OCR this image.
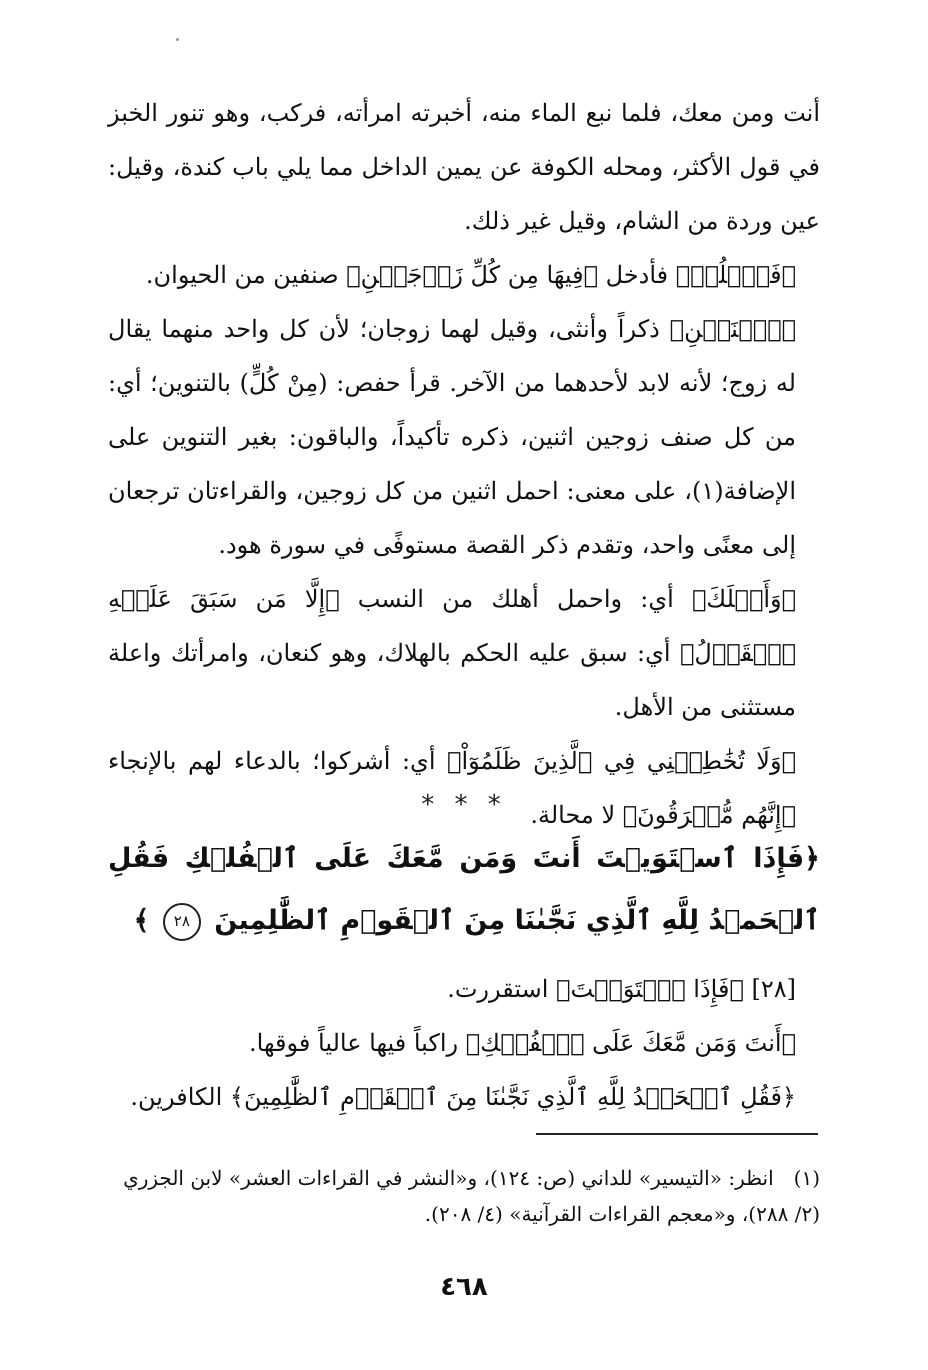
أنت ومن معك، فلما نبع الماء منه، أخبرته امرأته، فركب، وهو تنور الخبز في قول الأكثر، ومحله الكوفة عن يمين الداخل مما يلي باب كندة، وقيل: عين وردة من الشام، وقيل غير ذلك.

﴿فَٱسۡلُكۡ﴾ فأدخل ﴿فِيهَا مِن كُلِّ زَوۡجَيۡنِ﴾ صنفين من الحيوان.

﴿ٱثۡنَيۡنِ﴾ ذكراً وأنثى، وقيل لهما زوجان؛ لأن كل واحد منهما يقال له زوج؛ لأنه لابد لأحدهما من الآخر. قرأ حفص: (مِنْ كُلٍّ) بالتنوين؛ أي: من كل صنف زوجين اثنين، ذكره تأكيداً، والباقون: بغير التنوين على الإضافة(١)، على معنى: احمل اثنين من كل زوجين، والقراءتان ترجعان إلى معنًى واحد، وتقدم ذكر القصة مستوفًى في سورة هود.

﴿وَأَهۡلَكَ﴾ أي: واحمل أهلك من النسب ﴿إِلَّا مَن سَبَقَ عَلَيۡهِ ٱلۡقَوۡلُ﴾ أي: سبق عليه الحكم بالهلاك، وهو كنعان، وامرأتك واعلة مستثنى من الأهل.

﴿وَلَا تُخَٰطِبۡنِي فِي ٱلَّذِينَ ظَلَمُوٓاْ﴾ أي: أشركوا؛ بالدعاء لهم بالإنجاء ﴿إِنَّهُم مُّغۡرَقُونَ﴾ لا محالة.

* * *
﴿فَإِذَا ٱسۡتَوَيۡتَ أَنتَ وَمَن مَّعَكَ عَلَى ٱلۡفُلۡكِ فَقُلِ ٱلۡحَمۡدُ لِلَّهِ ٱلَّذِي نَجَّىٰنَا مِنَ ٱلۡقَوۡمِ ٱلظَّٰلِمِينَ ٢٨ ﴾

[٢٨] ﴿فَإِذَا ٱسۡتَوَيۡتَ﴾ استقررت.

﴿أَنتَ وَمَن مَّعَكَ عَلَى ٱلۡفُلۡكِ﴾ راكباً فيها عالياً فوقها.

﴿فَقُلِ ٱلۡحَمۡدُ لِلَّهِ ٱلَّذِي نَجَّىٰنَا مِنَ ٱلۡقَوۡمِ ٱلظَّٰلِمِينَ﴾ الكافرين.

(١) انظر: «التيسير» للداني (ص: ١٢٤)، و«النشر في القراءات العشر» لابن الجزري (٢/ ٢٨٨)، و«معجم القراءات القرآنية» (٤/ ٢٠٨).

٤٦٨
